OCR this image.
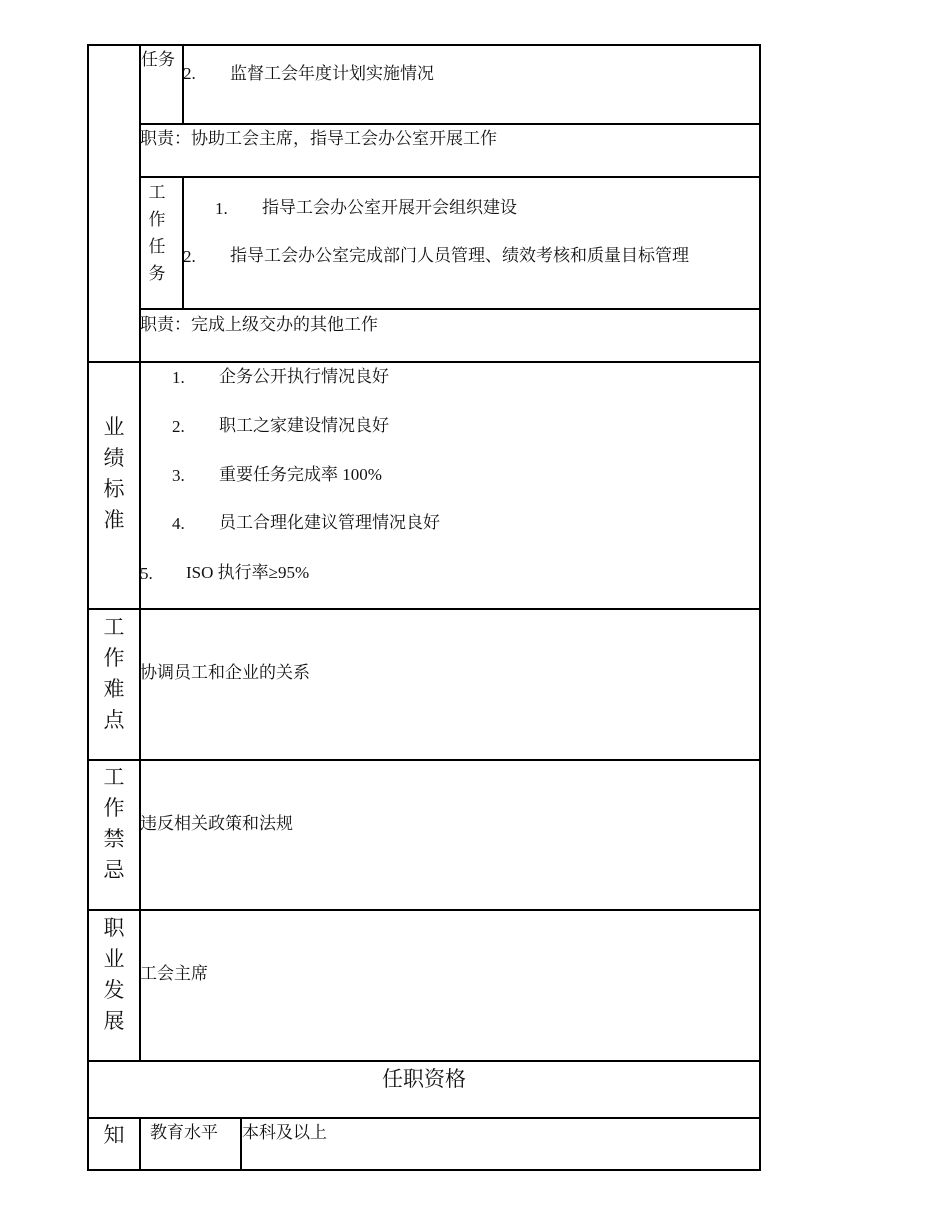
任务
2. 监督工会年度计划实施情况
职责：协助工会主席，指导工会办公室开展工作
工作任务
1. 指导工会办公室开展开会组织建设
2. 指导工会办公室完成部门人员管理、绩效考核和质量目标管理
职责：完成上级交办的其他工作
业绩标准
1. 企务公开执行情况良好
2. 职工之家建设情况良好
3. 重要任务完成率 100%
4. 员工合理化建议管理情况良好
5. ISO 执行率≥95%
工作难点
协调员工和企业的关系
工作禁忌
违反相关政策和法规
职业发展
工会主席
任职资格
知	教育水平 本科及以上
